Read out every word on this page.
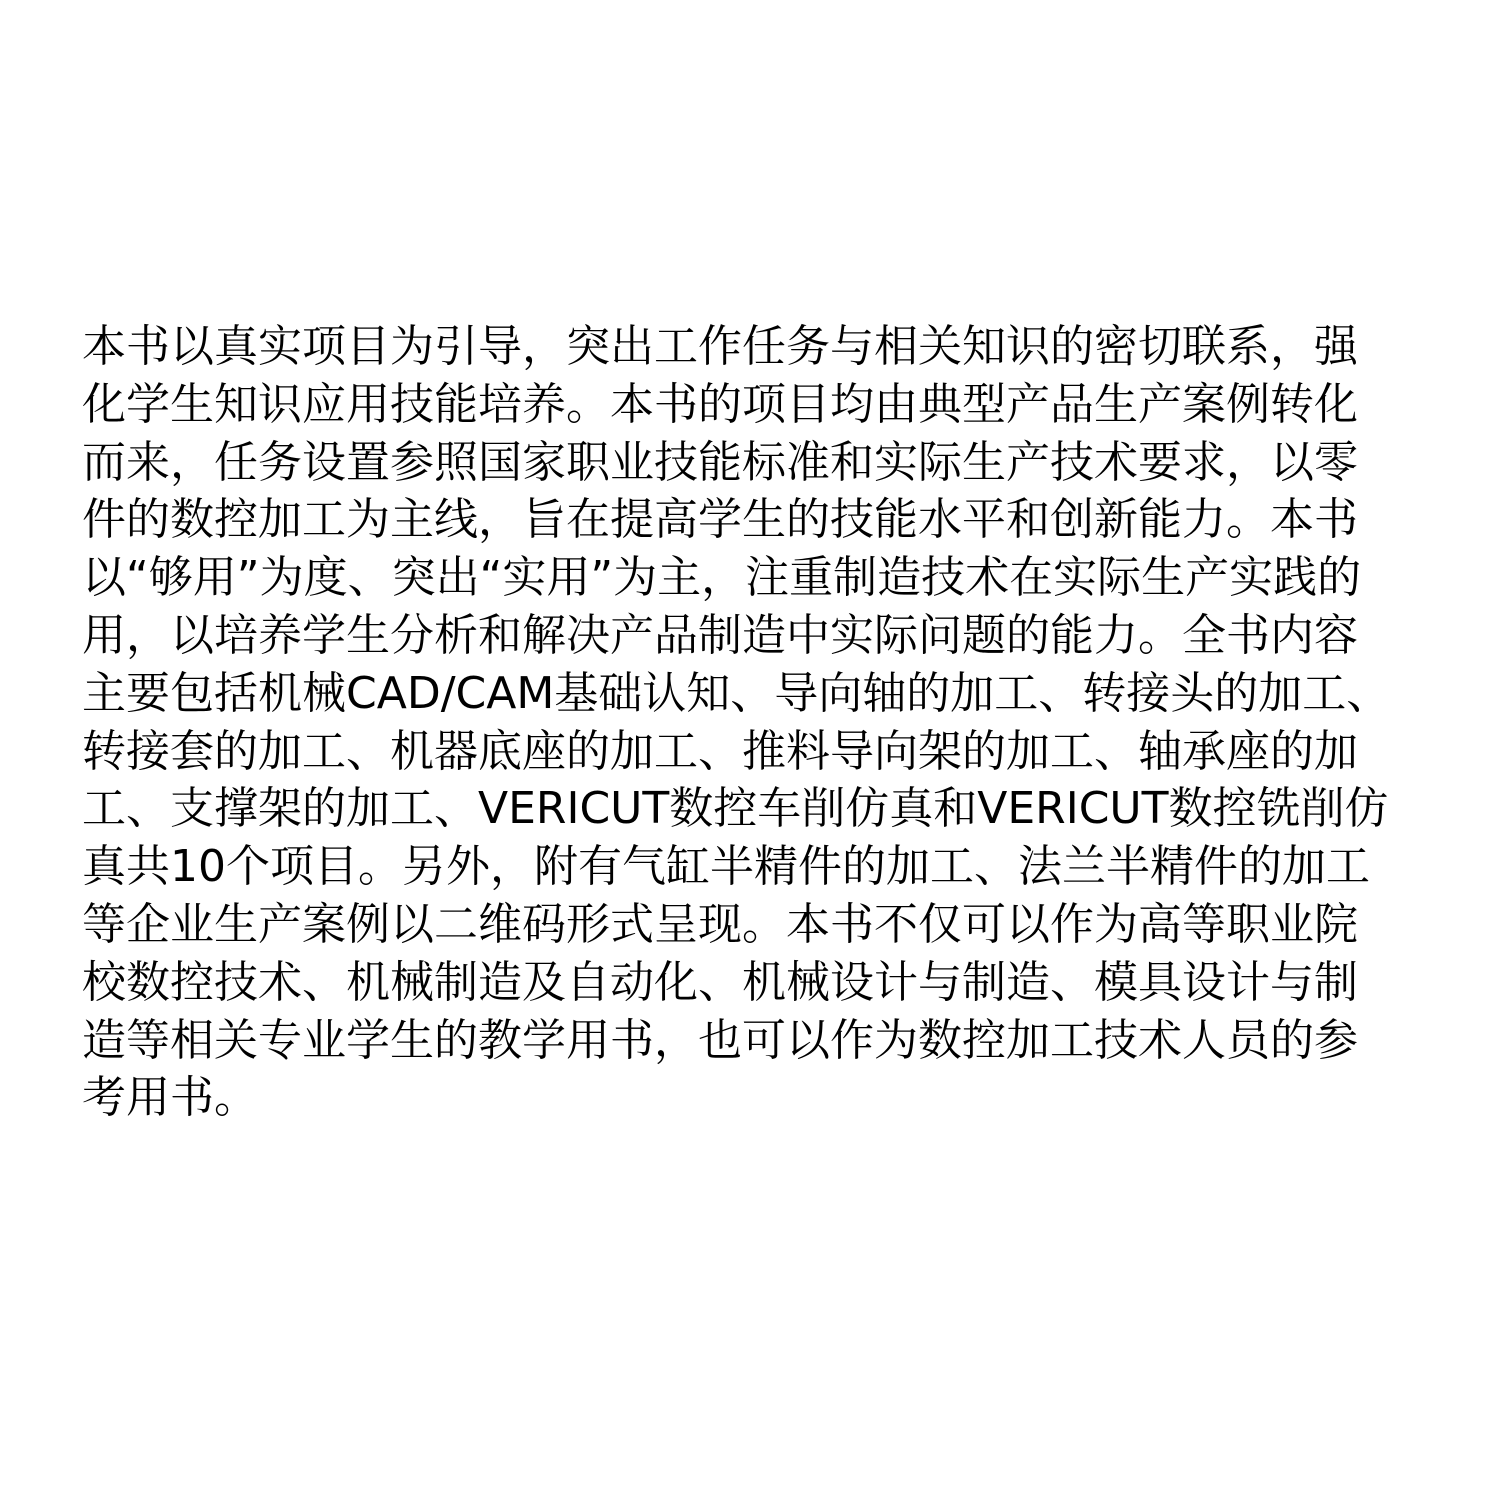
本书以真实项目为引导，突出工作任务与相关知识的密切联系，强
化学生知识应用技能培养。本书的项目均由典型产品生产案例转化
而来，任务设置参照国家职业技能标准和实际生产技术要求，以零
件的数控加工为主线，旨在提高学生的技能水平和创新能力。本书
以“够用”为度、突出“实用”为主，注重制造技术在实际生产实践的
用，以培养学生分析和解决产品制造中实际问题的能力。全书内容
主要包括机械CAD/CAM基础认知、导向轴的加工、转接头的加工、
转接套的加工、机器底座的加工、推料导向架的加工、轴承座的加
工、支撑架的加工、VERICUT数控车削仿真和VERICUT数控铣削仿
真共10个项目。另外，附有气缸半精件的加工、法兰半精件的加工
等企业生产案例以二维码形式呈现。本书不仅可以作为高等职业院
校数控技术、机械制造及自动化、机械设计与制造、模具设计与制
造等相关专业学生的教学用书，也可以作为数控加工技术人员的参
考用书。
